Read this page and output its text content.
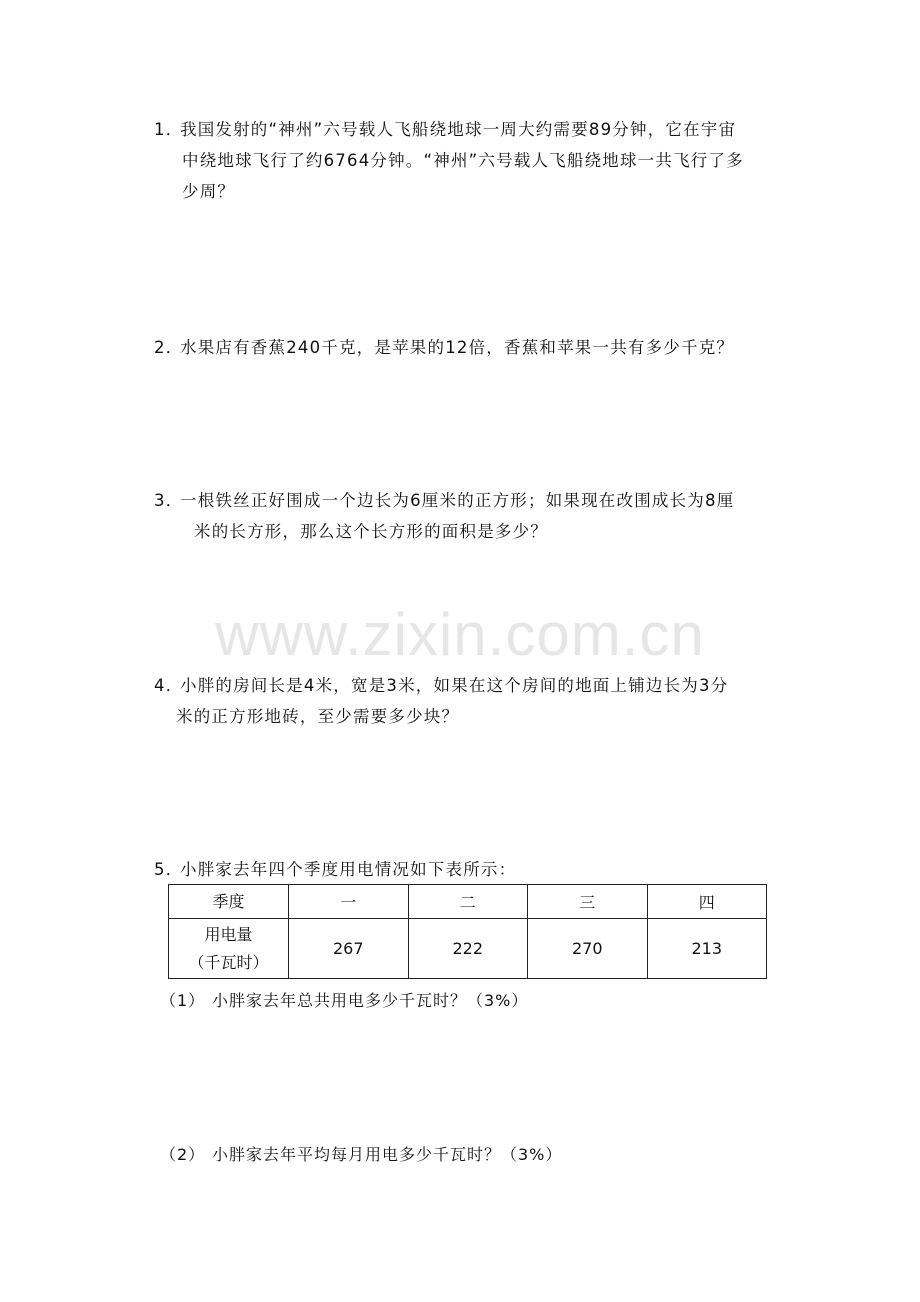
www.zixin.com.cn
1．我国发射的“神州”六号载人飞船绕地球一周大约需要89分钟，它在宇宙
中绕地球飞行了约6764分钟。“神州”六号载人飞船绕地球一共飞行了多
少周？
2．水果店有香蕉240千克，是苹果的12倍，香蕉和苹果一共有多少千克？
3．一根铁丝正好围成一个边长为6厘米的正方形；如果现在改围成长为8厘
米的长方形，那么这个长方形的面积是多少？
4．小胖的房间长是4米，宽是3米，如果在这个房间的地面上铺边长为3分
米的正方形地砖，至少需要多少块？
5．小胖家去年四个季度用电情况如下表所示：
季度	一	二	三	四

用电量
（千瓦时）	267	222	270	213
（1） 小胖家去年总共用电多少千瓦时？（3%）
（2） 小胖家去年平均每月用电多少千瓦时？（3%）
